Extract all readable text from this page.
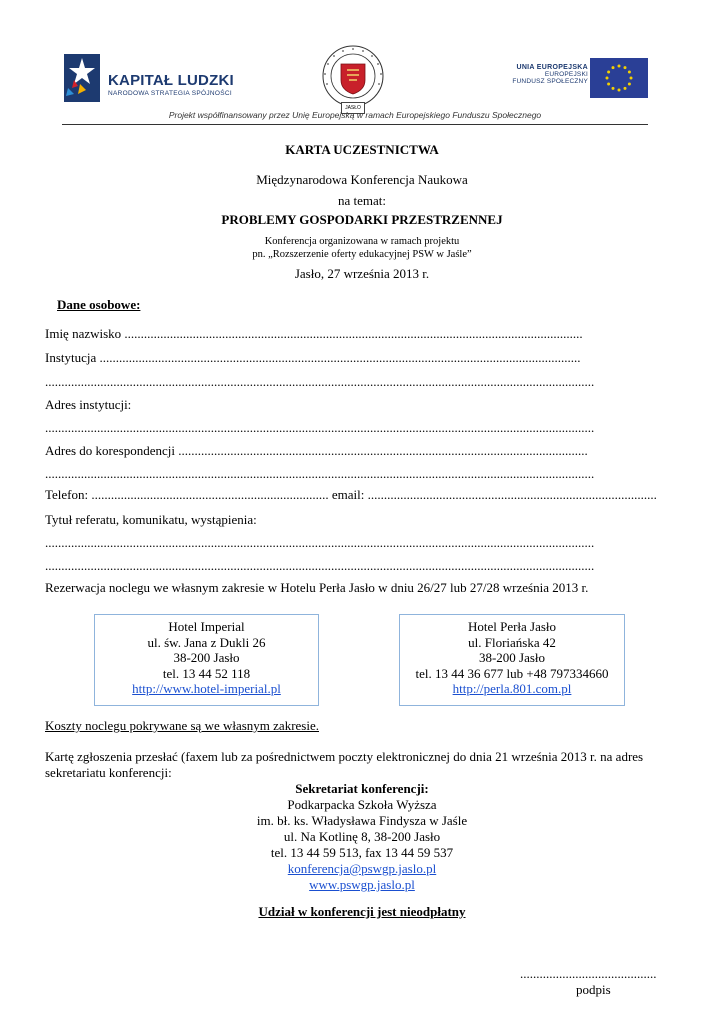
KAPITAŁ LUDZKI
NARODOWA STRATEGIA SPÓJNOŚCI
JASŁO
UNIA EUROPEJSKA
EUROPEJSKI
FUNDUSZ SPOŁECZNY
Projekt współfinansowany przez Unię Europejską w ramach Europejskiego Funduszu Społecznego
KARTA UCZESTNICTWA
Międzynarodowa Konferencja Naukowa
na temat:
PROBLEMY GOSPODARKI PRZESTRZENNEJ
Konferencja organizowana w ramach projektu
pn. „Rozszerzenie oferty edukacyjnej PSW w Jaśle”
Jasło, 27 września 2013 r.
Dane osobowe:
Imię nazwisko .............................................................................................................................................
Instytucja ....................................................................................................................................................
.........................................................................................................................................................................
Adres instytucji:
.........................................................................................................................................................................
Adres do korespondencji ..............................................................................................................................
.........................................................................................................................................................................
Telefon: ......................................................................... email: .........................................................................................
Tytuł referatu, komunikatu, wystąpienia:
.........................................................................................................................................................................
.........................................................................................................................................................................
Rezerwacja noclegu we własnym zakresie w Hotelu Perła Jasło w dniu 26/27 lub 27/28 września 2013 r.
Hotel Imperial
ul. św. Jana z Dukli 26
38-200 Jasło
tel. 13 44 52 118
http://www.hotel-imperial.pl
Hotel Perła Jasło
ul. Floriańska 42
38-200 Jasło
tel. 13 44 36 677 lub +48 797334660
http://perla.801.com.pl
Koszty noclegu pokrywane są we własnym zakresie.
Kartę zgłoszenia przesłać (faxem lub za pośrednictwem poczty elektronicznej do dnia 21 września 2013 r. na adres sekretariatu konferencji:
Sekretariat konferencji:
Podkarpacka Szkoła Wyższa
im. bł. ks. Władysława Findysza w Jaśle
ul. Na Kotlinę 8, 38-200 Jasło
tel. 13 44 59 513, fax 13 44 59 537
konferencja@pswgp.jaslo.pl
www.pswgp.jaslo.pl
Udział w konferencji jest nieodpłatny
..........................................
podpis
